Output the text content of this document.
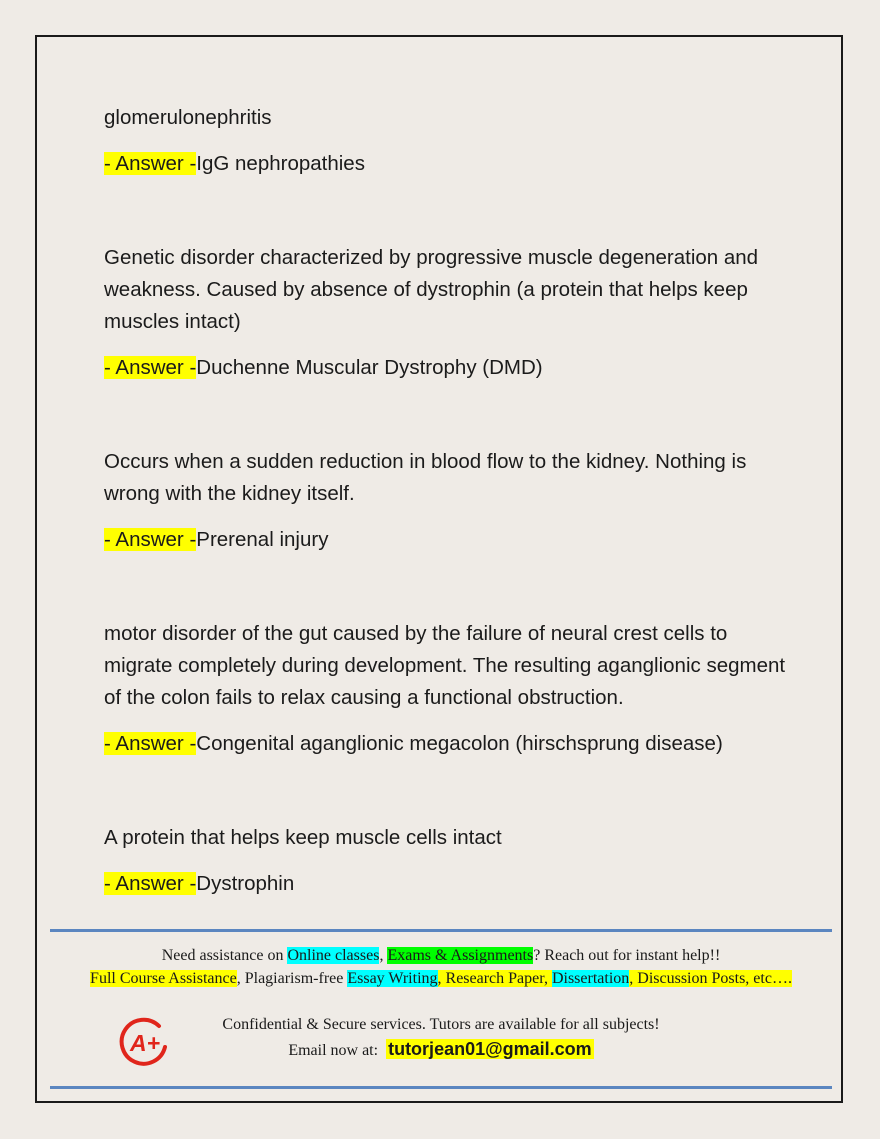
glomerulonephritis

- Answer -IgG nephropathies

Genetic disorder characterized by progressive muscle degeneration and weakness. Caused by absence of dystrophin (a protein that helps keep muscles intact)

- Answer -Duchenne Muscular Dystrophy (DMD)

Occurs when a sudden reduction in blood flow to the kidney. Nothing is wrong with the kidney itself.

- Answer -Prerenal injury

motor disorder of the gut caused by the failure of neural crest cells to migrate completely during development. The resulting aganglionic segment of the colon fails to relax causing a functional obstruction.

- Answer -Congenital aganglionic megacolon (hirschsprung disease)

A protein that helps keep muscle cells intact

- Answer -Dystrophin

Need assistance on Online classes, Exams & Assignments? Reach out for instant help!!
Full Course Assistance, Plagiarism-free Essay Writing, Research Paper, Dissertation, Discussion Posts, etc….
A+
Confidential & Secure services. Tutors are available for all subjects!
Email now at: tutorjean01@gmail.com
